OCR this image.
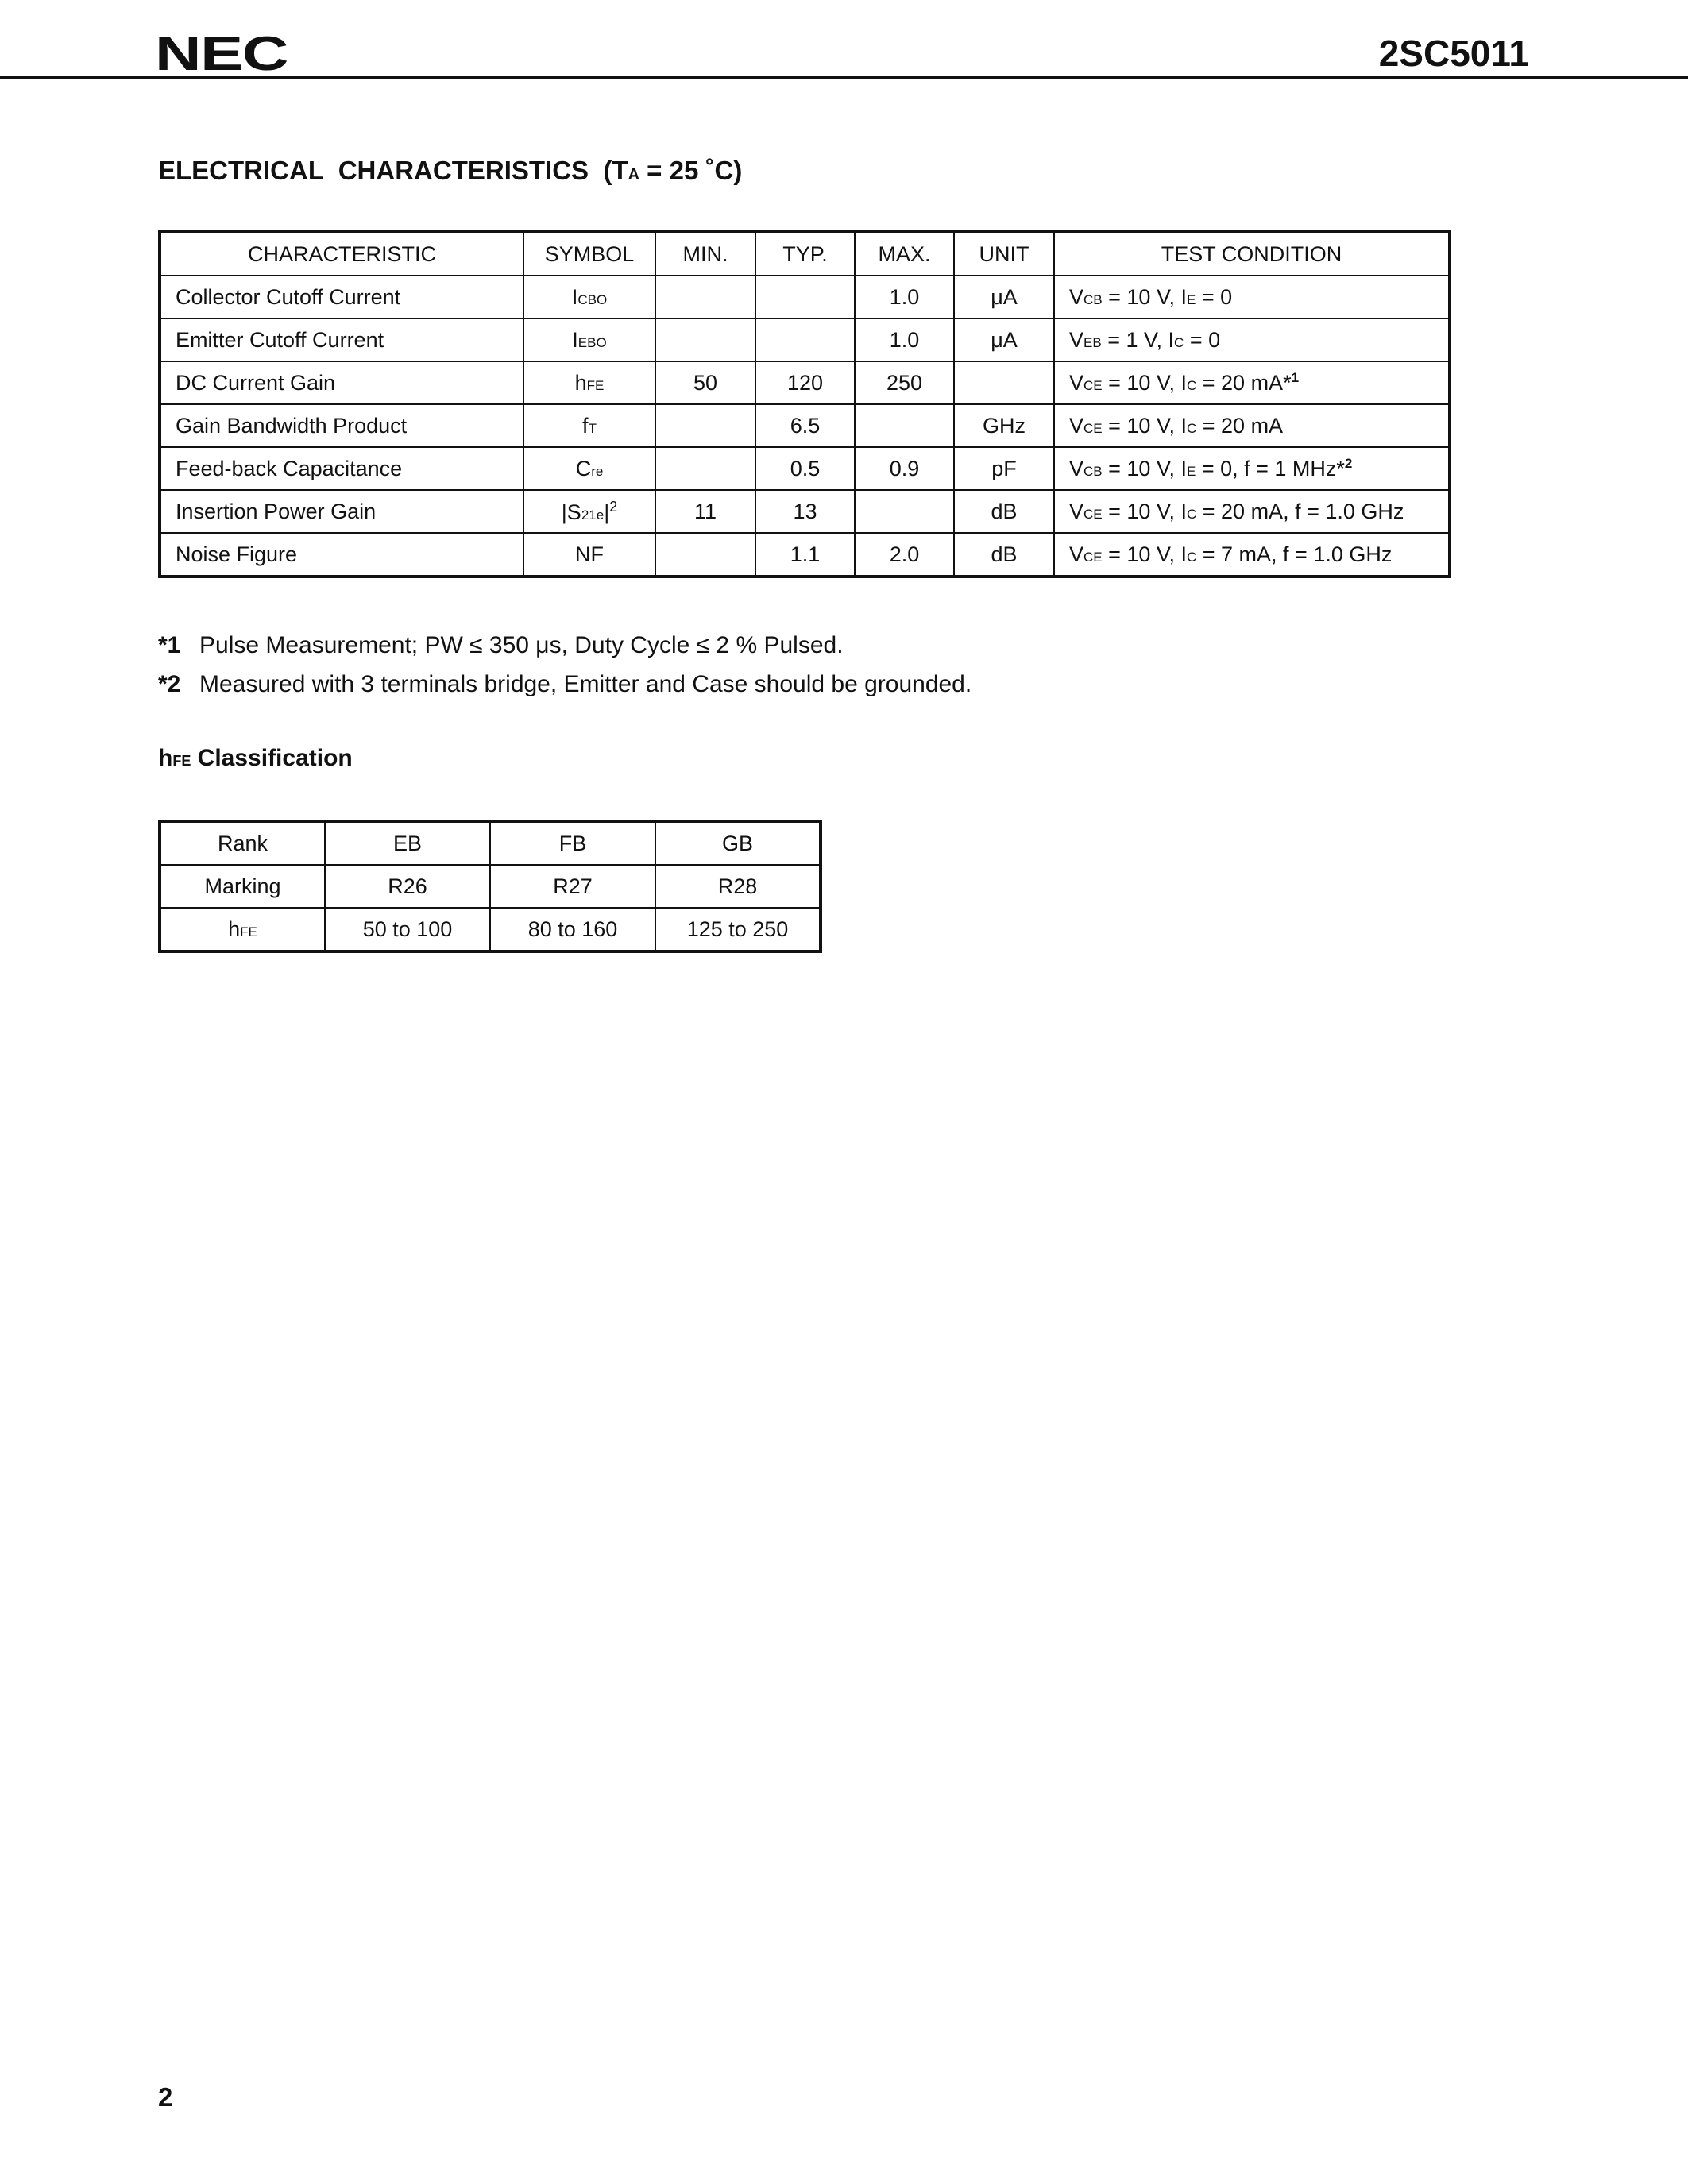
NEC	2SC5011
ELECTRICAL  CHARACTERISTICS  (TA = 25 ˚C)
CHARACTERISTIC	SYMBOL	MIN.	TYP.	MAX.	UNIT	TEST CONDITION
Collector Cutoff Current	ICBO			1.0	μA	VCB = 10 V, IE = 0
Emitter Cutoff Current	IEBO			1.0	μA	VEB = 1 V, IC = 0
DC Current Gain	hFE	50	120	250		VCE = 10 V, IC = 20 mA*$^1$
Gain Bandwidth Product	fT		6.5		GHz	VCE = 10 V, IC = 20 mA
Feed-back Capacitance	Cre		0.5	0.9	pF	VCB = 10 V, IE = 0, f = 1 MHz*$^2$
Insertion Power Gain	$|S21e|^2$	11	13		dB	VCE = 10 V, IC = 20 mA, f = 1.0 GHz
Noise Figure	NF		1.1	2.0	dB	VCE = 10 V, IC = 7 mA, f = 1.0 GHz
*1 Pulse Measurement; PW ≤ 350 μs, Duty Cycle ≤ 2 % Pulsed.
*2 Measured with 3 terminals bridge, Emitter and Case should be grounded.
hFE Classification
Rank	EB	FB	GB
Marking	R26	R27	R28
hFE	50 to 100	80 to 160	125 to 250
2
